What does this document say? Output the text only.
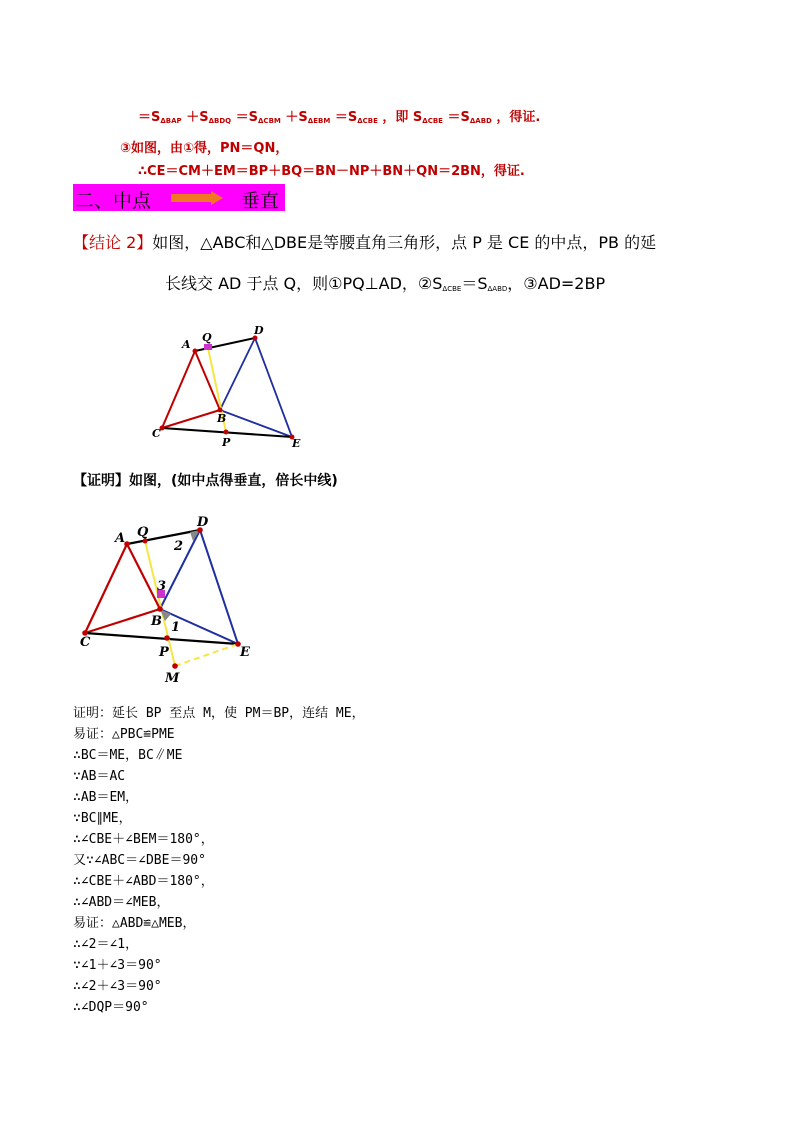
$=S_{\Delta BAP} +S_{\Delta BDQ} =S_{\Delta CBM} +S_{\Delta EBM} =S_{\Delta CBE}$ ，即 $S_{\Delta CBE} =S_{\Delta ABD}$ ，得证.
③如图，由①得，PN＝QN，
∴CE＝CM＋EM＝BP＋BQ＝BN－NP＋BN＋QN＝2BN，得证.
二、中点	垂直
【结论 2】如图，△ABC和△DBE是等腰直角三角形，点 P 是 CE 的中点，PB 的延
长线交 AD 于点 Q，则①PQ⊥AD，$②S_{\Delta CBE}=S_{\Delta ABD}$，③AD=2BP
A
Q
D
B
C
P	E
【证明】如图，(如中点得垂直，倍长中线)
A Q
D
2
3
B 1
C
P	E
M
证明：延长 BP 至点 M，使 PM＝BP，连结 ME，
易证：△PBC≌PME
∴BC＝ME，BC∥ME
∵AB＝AC
∴AB＝EM，
∵BC∥ME，
∴∠CBE＋∠BEM＝180°，
又∵∠ABC＝∠DBE＝90°
∴∠CBE＋∠ABD＝180°，
∴∠ABD＝∠MEB，
易证：△ABD≌△MEB，
∴∠2＝∠1，
∵∠1＋∠3＝90°
∴∠2＋∠3＝90°
∴∠DQP＝90°
